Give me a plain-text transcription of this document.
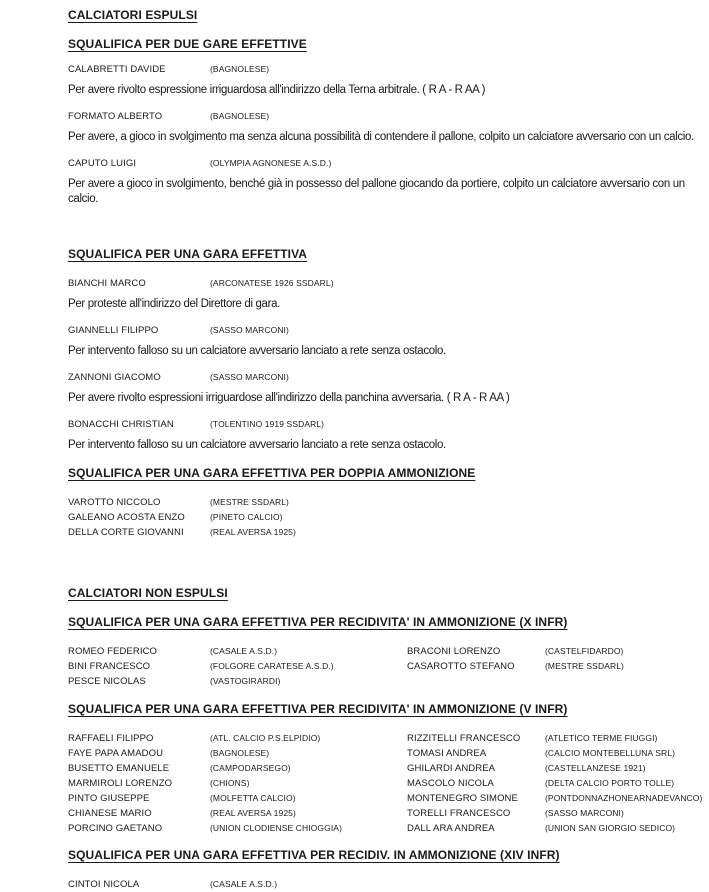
CALCIATORI ESPULSI
SQUALIFICA PER DUE GARE EFFETTIVE
CALABRETTI DAVIDE	(BAGNOLESE)

Per avere rivolto espressione irriguardosa all'indirizzo della Terna arbitrale. ( R A - R AA )

FORMATO ALBERTO	(BAGNOLESE)

Per avere, a gioco in svolgimento ma senza alcuna possibilità di contendere il pallone, colpito un calciatore avversario con un calcio.

CAPUTO LUIGI	(OLYMPIA AGNONESE A.S.D.)

Per avere a gioco in svolgimento, benché già in possesso del pallone giocando da portiere, colpito un calciatore avversario con un calcio.

SQUALIFICA PER UNA GARA EFFETTIVA
BIANCHI MARCO	(ARCONATESE 1926 SSDARL)

Per proteste all'indirizzo del Direttore di gara.

GIANNELLI FILIPPO	(SASSO MARCONI)

Per intervento falloso su un calciatore avversario lanciato a rete senza ostacolo.

ZANNONI GIACOMO	(SASSO MARCONI)

Per avere rivolto espressioni irriguardose all'indirizzo della panchina avversaria. ( R A - R AA )

BONACCHI CHRISTIAN	(TOLENTINO 1919 SSDARL)

Per intervento falloso su un calciatore avversario lanciato a rete senza ostacolo.

SQUALIFICA PER UNA GARA EFFETTIVA PER DOPPIA AMMONIZIONE
VAROTTO NICCOLO	(MESTRE SSDARL)
GALEANO ACOSTA ENZO	(PINETO CALCIO)
DELLA CORTE GIOVANNI	(REAL AVERSA 1925)
CALCIATORI NON ESPULSI
SQUALIFICA PER UNA GARA EFFETTIVA PER RECIDIVITA' IN AMMONIZIONE (X INFR)
ROMEO FEDERICO	(CASALE A.S.D.)	BRACONI LORENZO	(CASTELFIDARDO)
BINI FRANCESCO	(FOLGORE CARATESE A.S.D.)	CASAROTTO STEFANO	(MESTRE SSDARL)
PESCE NICOLAS	(VASTOGIRARDI)
SQUALIFICA PER UNA GARA EFFETTIVA PER RECIDIVITA' IN AMMONIZIONE (V INFR)
RAFFAELI FILIPPO	(ATL. CALCIO P.S.ELPIDIO)	RIZZITELLI FRANCESCO	(ATLETICO TERME FIUGGI)
FAYE PAPA AMADOU	(BAGNOLESE)	TOMASI ANDREA	(CALCIO MONTEBELLUNA SRL)
BUSETTO EMANUELE	(CAMPODARSEGO)	GHILARDI ANDREA	(CASTELLANZESE 1921)
MARMIROLI LORENZO	(CHIONS)	MASCOLO NICOLA	(DELTA CALCIO PORTO TOLLE)
PINTO GIUSEPPE	(MOLFETTA CALCIO)	MONTENEGRO SIMONE	(PONTDONNAZHONEARNADEVANCO)
CHIANESE MARIO	(REAL AVERSA 1925)	TORELLI FRANCESCO	(SASSO MARCONI)
PORCINO GAETANO	(UNION CLODIENSE CHIOGGIA)	DALL ARA ANDREA	(UNION SAN GIORGIO SEDICO)
SQUALIFICA PER UNA GARA EFFETTIVA PER RECIDIV. IN AMMONIZIONE (XIV INFR)
CINTOI NICOLA	(CASALE A.S.D.)
